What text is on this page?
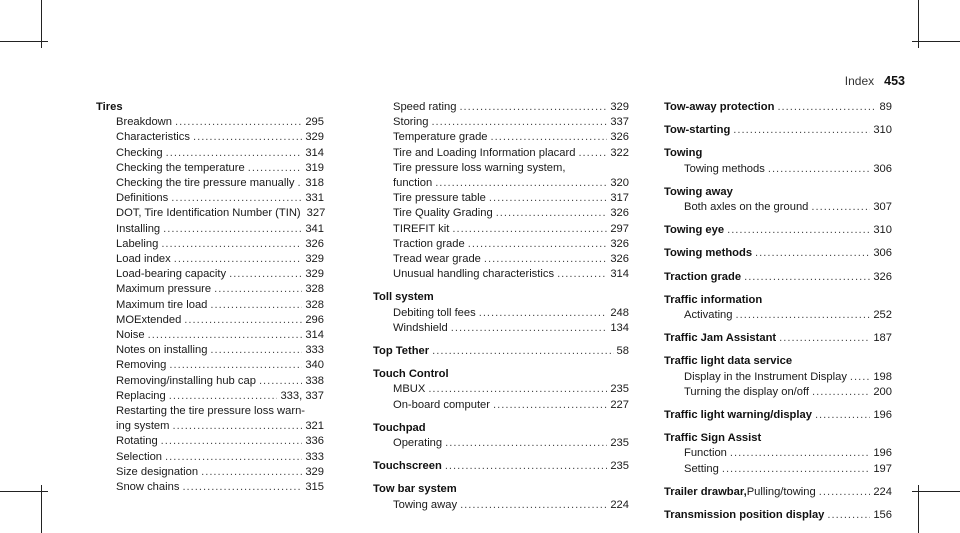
Index 453
Tires
Breakdown .....	295
Characteristics .....	329
Checking .....	314
Checking the temperature .....	319
Checking the tire pressure manually ..... 318
Definitions .....	331
DOT, Tire Identification Number (TIN) 327
Installing .....	341
Labeling .....	326
Load index .....	329
Load-bearing capacity .....	329
Maximum pressure .....	328
Maximum tire load .....	328
MOExtended .....	296
Noise .....	314
Notes on installing .....	333
Removing .....	340
Removing/installing hub cap .....	338
Replacing .....	333, 337
Restarting the tire pressure loss warn-
ing system .....	321
Rotating .....	336
Selection .....	333
Size designation .....	329
Snow chains .....	315
Speed rating .....	329
Storing .....	337
Temperature grade .....	326
Tire and Loading Information placard .....	322
Tire pressure loss warning system,
function .....	320
Tire pressure table .....	317
Tire Quality Grading .....	326
TIREFIT kit .....	297
Traction grade .....	326
Tread wear grade .....	326
Unusual handling characteristics .....	314
Toll system
Debiting toll fees .....	248
Windshield .....	134
Top Tether .....	58
Touch Control
MBUX .....	235
On-board computer .....	227
Touchpad
Operating .....	235
Touchscreen .....	235
Tow bar system
Towing away .....	224
Tow-away protection .....	89
Tow-starting .....	310
Towing
Towing methods .....	306
Towing away
Both axles on the ground .....	307
Towing eye .....	310
Towing methods .....	306
Traction grade .....	326
Traffic information
Activating .....	252
Traffic Jam Assistant .....	187
Traffic light data service
Display in the Instrument Display ..... 198
Turning the display on/off .....	200
Traffic light warning/display .....	196
Traffic Sign Assist
Function .....	196
Setting .....	197
Trailer drawbar, Pulling/towing .....	224
Transmission position display .....	156
